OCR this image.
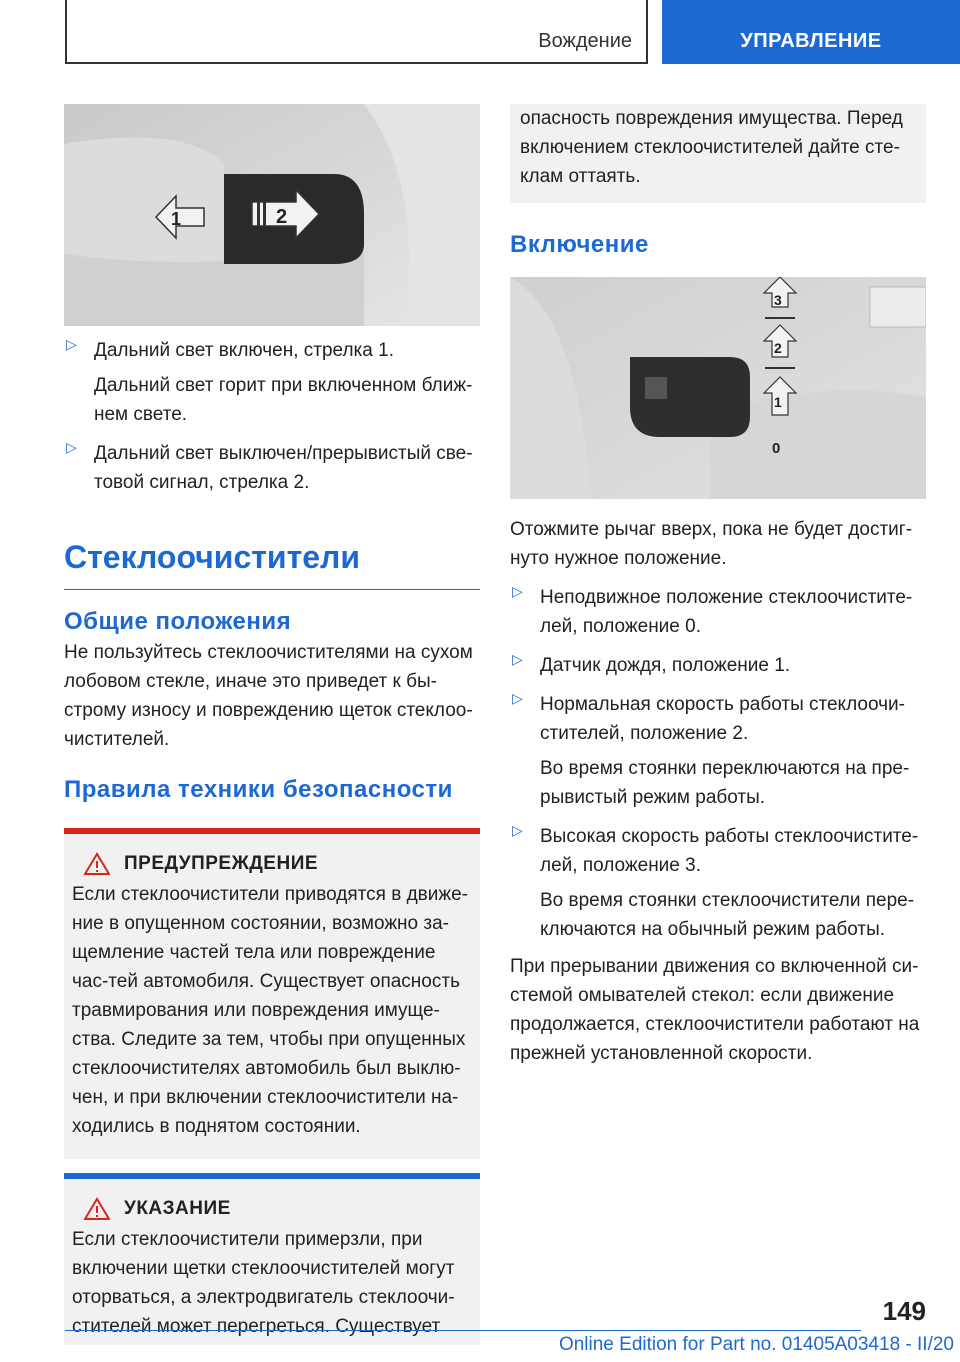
Вождение	УПРАВЛЕНИЕ
1	2
▷ Дальний свет включен, стрелка 1.

Дальний свет горит при включенном ближ-нем свете.

▷ Дальний свет выключен/прерывистый све-товой сигнал, стрелка 2.

Стеклоочистители
Общие положения

Не пользуйтесь стеклоочистителями на сухом лобовом стекле, иначе это приведет к бы-строму износу и повреждению щеток стеклоо-чистителей.

Правила техники безопасности
ПРЕДУПРЕЖДЕНИЕ

Если стеклоочистители приводятся в движе-ние в опущенном состоянии, возможно за-щемление частей тела или повреждение час-тей автомобиля. Существует опасность травмирования или повреждения имуще-ства. Следите за тем, чтобы при опущенных стеклоочистителях автомобиль был выклю-чен, и при включении стеклоочистители на-ходились в поднятом состоянии.

УКАЗАНИЕ

Если стеклоочистители примерзли, при включении щетки стеклоочистителей могут оторваться, а электродвигатель стеклоочи-стителей может перегреться. Существует

опасность повреждения имущества. Перед включением стеклоочистителей дайте сте-клам оттаять.

Включение
3
2
1
0

Отожмите рычаг вверх, пока не будет достиг-нуто нужное положение.

▷ Неподвижное положение стеклоочистите-лей, положение 0.

▷ Датчик дождя, положение 1.

▷ Нормальная скорость работы стеклоочи-стителей, положение 2.

Во время стоянки переключаются на пре-рывистый режим работы.

▷ Высокая скорость работы стеклоочистите-лей, положение 3.

Во время стоянки стеклоочистители пере-ключаются на обычный режим работы.

При прерывании движения со включенной си-стемой омывателей стекол: если движение продолжается, стеклоочистители работают на прежней установленной скорости.

149
Online Edition for Part no. 01405A03418 - II/20
